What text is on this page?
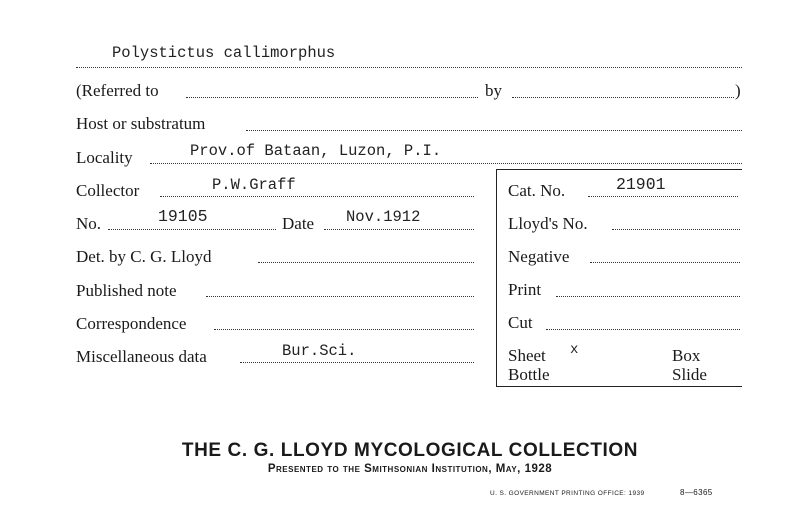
Polystictus callimorphus
(Referred to	by	)
Host or substratum
Locality	Prov.of Bataan, Luzon, P.I.
Collector	P.W.Graff	Cat. No.	21901
No.	19105	Date Nov.1912	Lloyd's No.
Det. by C. G. Lloyd	Negative
Published note	Print
Correspondence	Cut
Miscellaneous data	Bur.Sci.	Sheet x	Box
Bottle	Slide
THE C. G. LLOYD MYCOLOGICAL COLLECTION
Presented to the Smithsonian Institution, May, 1928
U. S. GOVERNMENT PRINTING OFFICE: 1939	8—6365
